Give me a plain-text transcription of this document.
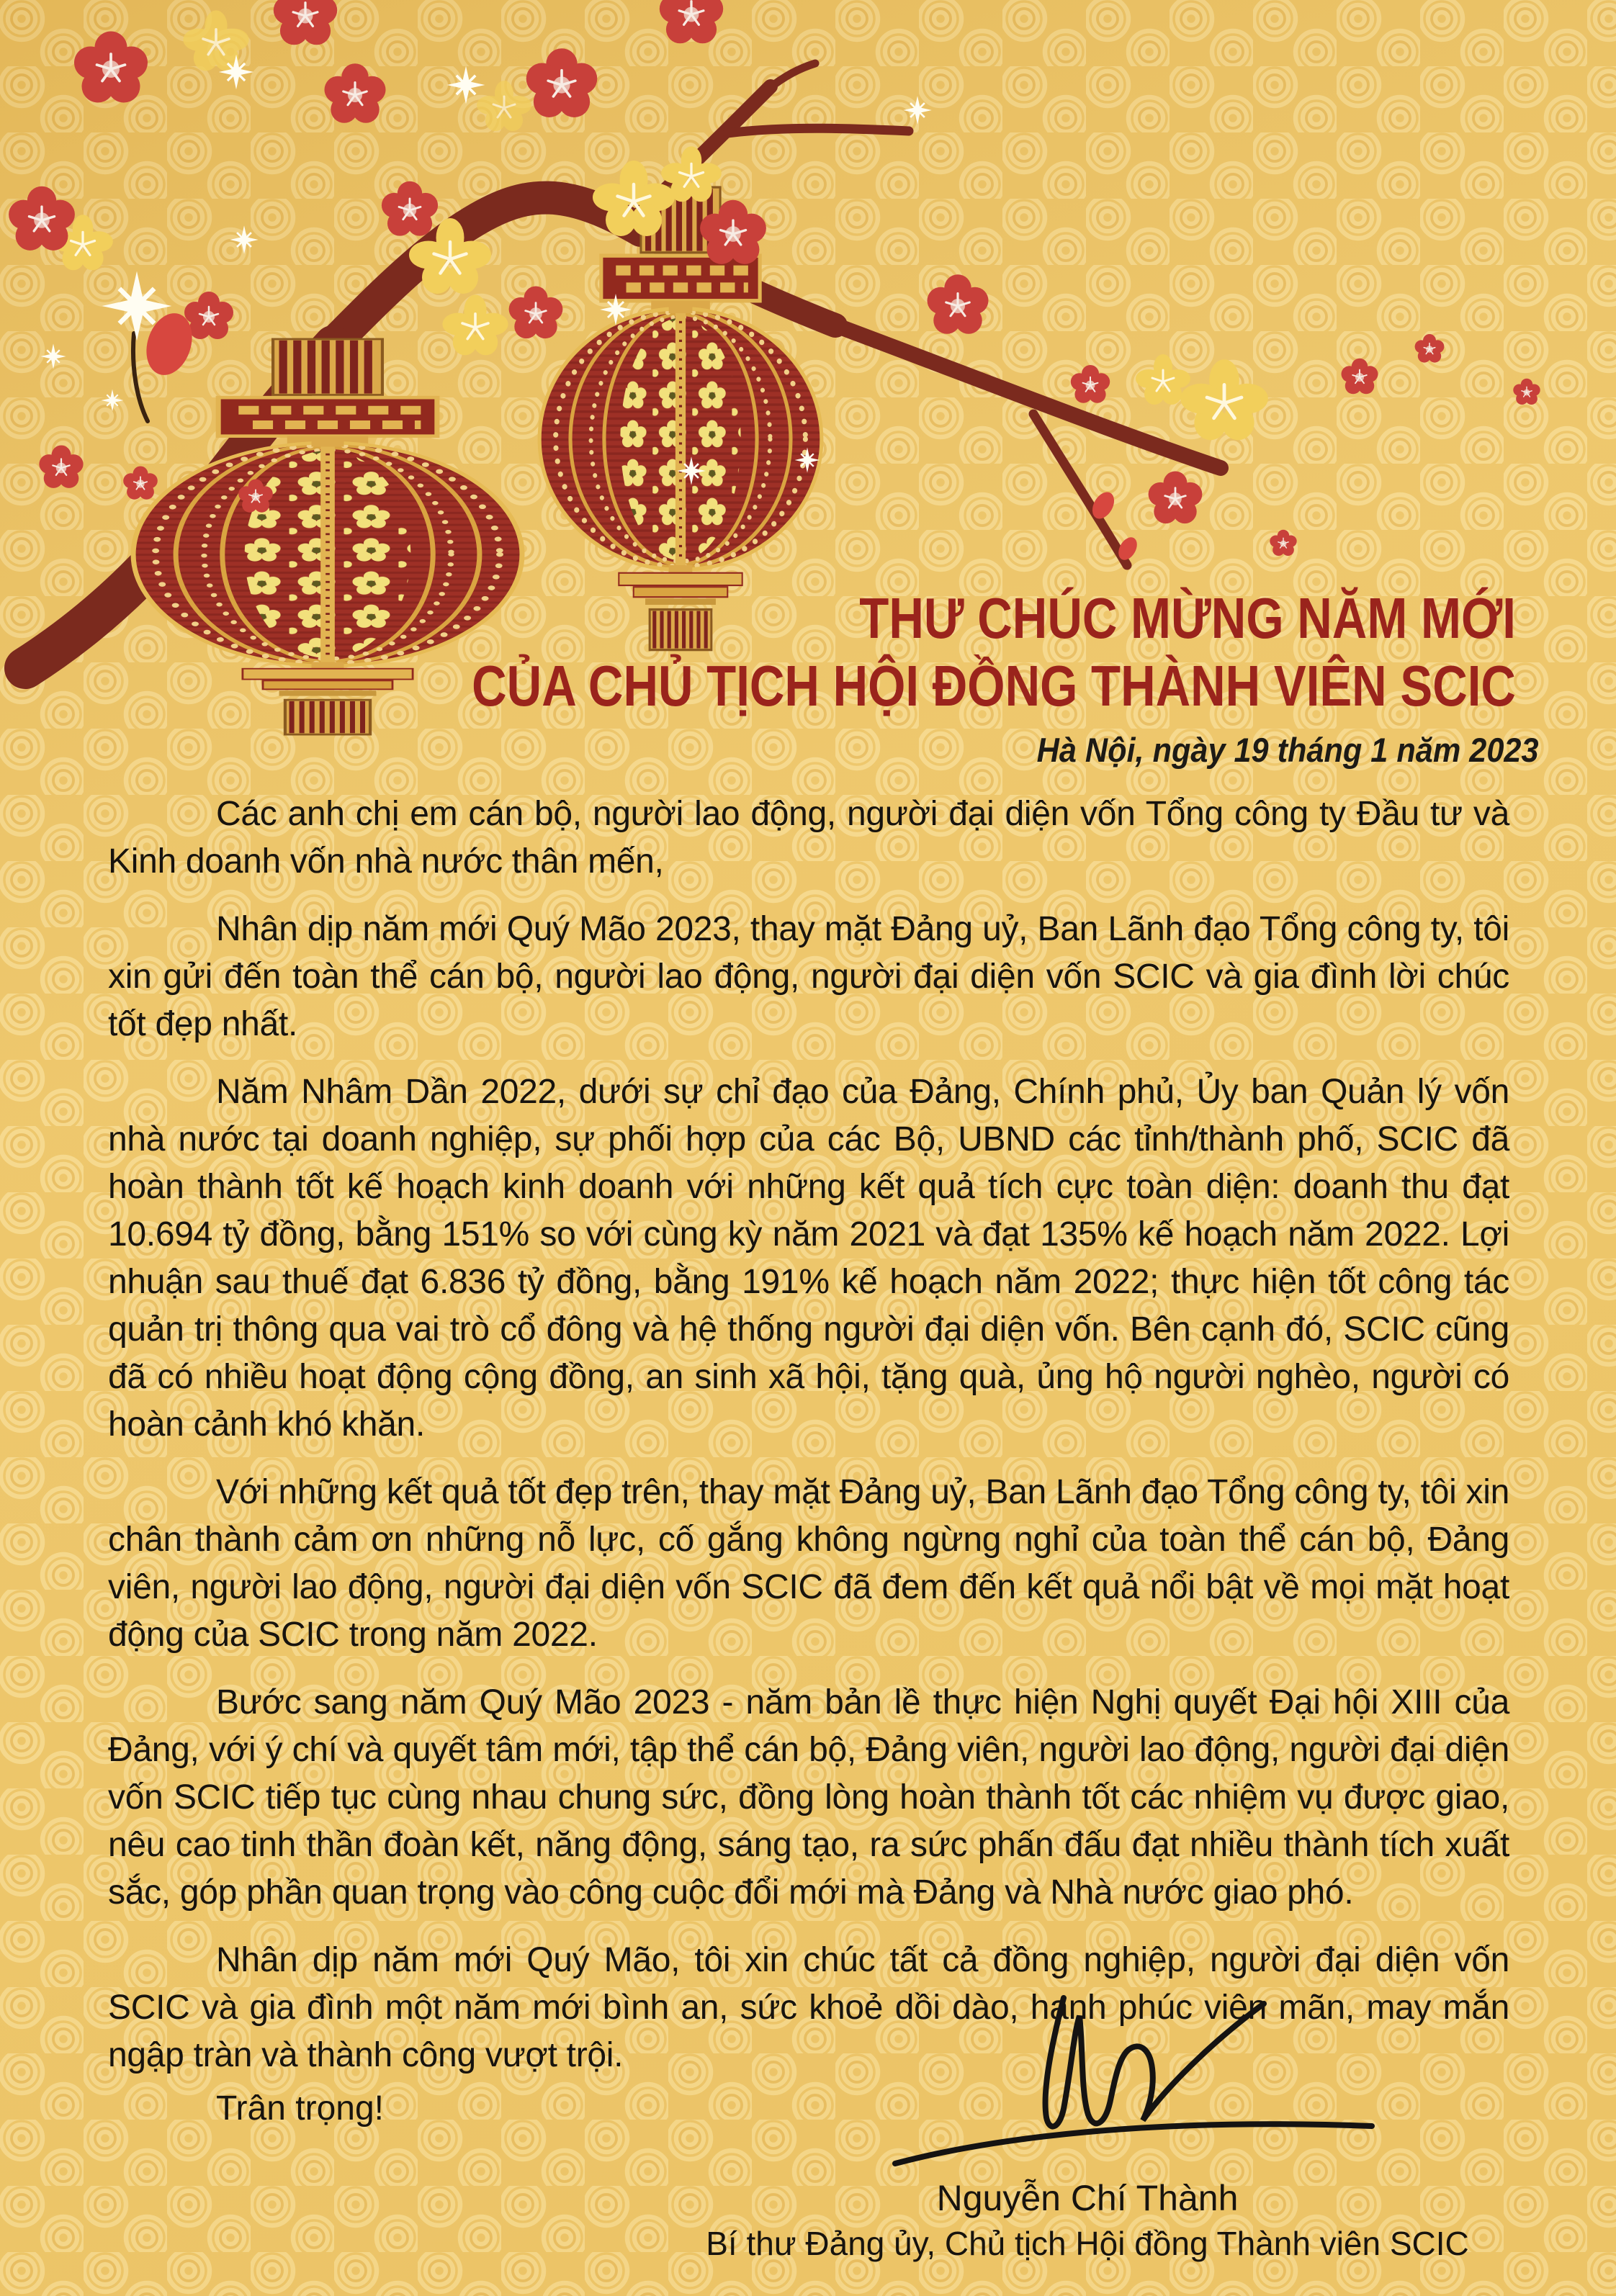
THƯ CHÚC MỪNG NĂM MỚI
CỦA CHỦ TỊCH HỘI ĐỒNG THÀNH VIÊN SCIC
Hà Nội, ngày 19 tháng 1 năm 2023

Các anh chị em cán bộ, người lao động, người đại diện vốn Tổng công ty Đầu tư và Kinh doanh vốn nhà nước thân mến,

Nhân dịp năm mới Quý Mão 2023, thay mặt Đảng uỷ, Ban Lãnh đạo Tổng công ty, tôi xin gửi đến toàn thể cán bộ, người lao động, người đại diện vốn SCIC và gia đình lời chúc tốt đẹp nhất.

Năm Nhâm Dần 2022, dưới sự chỉ đạo của Đảng, Chính phủ, Ủy ban Quản lý vốn nhà nước tại doanh nghiệp, sự phối hợp của các Bộ, UBND các tỉnh/thành phố, SCIC đã hoàn thành tốt kế hoạch kinh doanh với những kết quả tích cực toàn diện: doanh thu đạt 10.694 tỷ đồng, bằng 151% so với cùng kỳ năm 2021 và đạt 135% kế hoạch năm 2022. Lợi nhuận sau thuế đạt 6.836 tỷ đồng, bằng 191% kế hoạch năm 2022; thực hiện tốt công tác quản trị thông qua vai trò cổ đông và hệ thống người đại diện vốn. Bên cạnh đó, SCIC cũng đã có nhiều hoạt động cộng đồng, an sinh xã hội, tặng quà, ủng hộ người nghèo, người có hoàn cảnh khó khăn.

Với những kết quả tốt đẹp trên, thay mặt Đảng uỷ, Ban Lãnh đạo Tổng công ty, tôi xin chân thành cảm ơn những nỗ lực, cố gắng không ngừng nghỉ của toàn thể cán bộ, Đảng viên, người lao động, người đại diện vốn SCIC đã đem đến kết quả nổi bật về mọi mặt hoạt động của SCIC trong năm 2022.

Bước sang năm Quý Mão 2023 - năm bản lề thực hiện Nghị quyết Đại hội XIII của Đảng, với ý chí và quyết tâm mới, tập thể cán bộ, Đảng viên, người lao động, người đại diện vốn SCIC tiếp tục cùng nhau chung sức, đồng lòng hoàn thành tốt các nhiệm vụ được giao, nêu cao tinh thần đoàn kết, năng động, sáng tạo, ra sức phấn đấu đạt nhiều thành tích xuất sắc, góp phần quan trọng vào công cuộc đổi mới mà Đảng và Nhà nước giao phó.

Nhân dịp năm mới Quý Mão, tôi xin chúc tất cả đồng nghiệp, người đại diện vốn SCIC và gia đình một năm mới bình an, sức khoẻ dồi dào, hạnh phúc viên mãn, may mắn ngập tràn và thành công vượt trội.

Trân trọng!
Nguyễn Chí Thành
Bí thư Đảng ủy, Chủ tịch Hội đồng Thành viên SCIC
